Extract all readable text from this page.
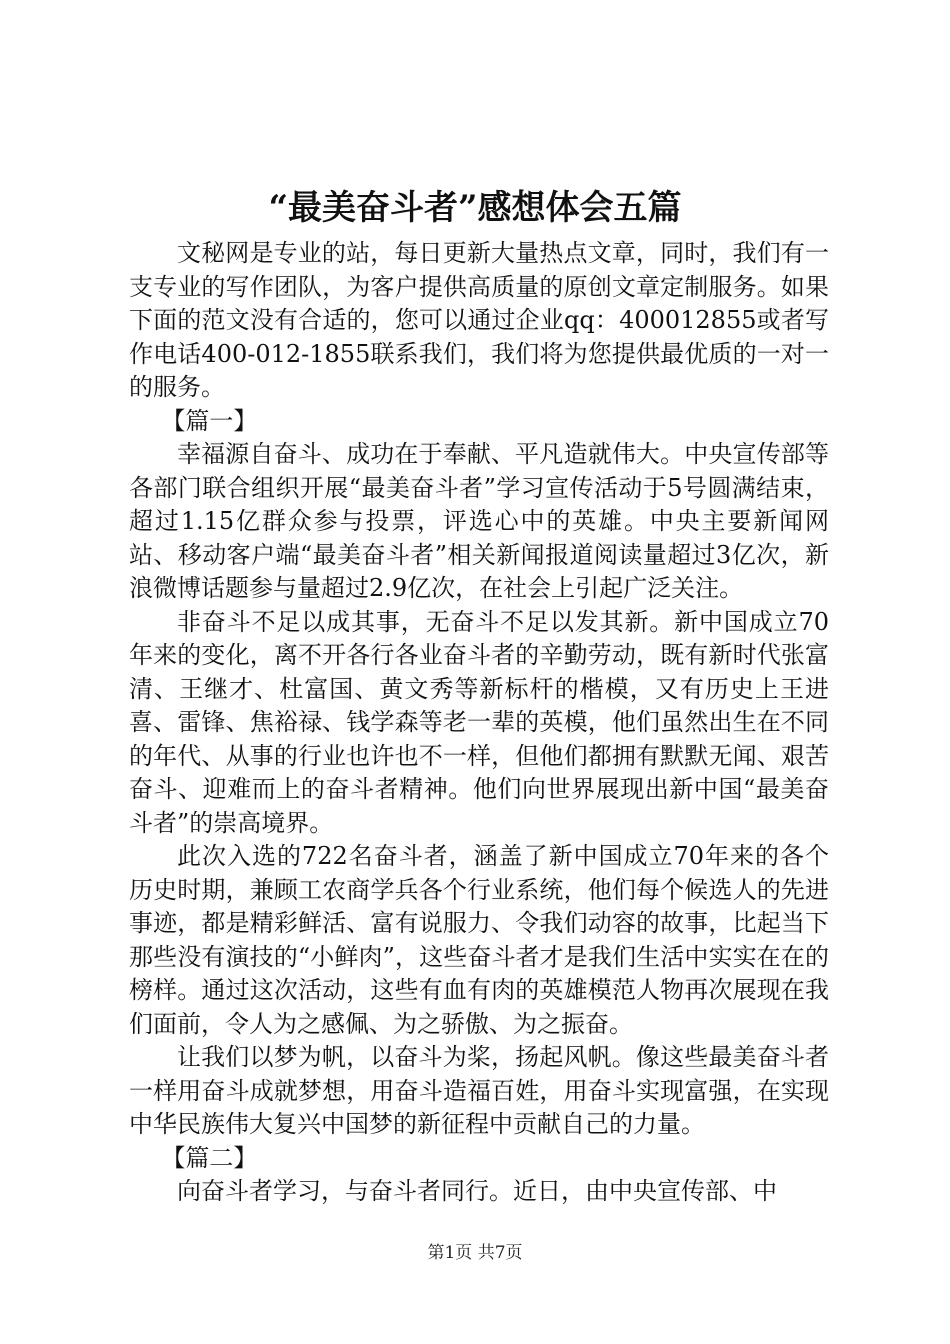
“最美奋斗者”感想体会五篇

文秘网是专业的站，每日更新大量热点文章，同时，我们有一支专业的写作团队，为客户提供高质量的原创文章定制服务。如果下面的范文没有合适的，您可以通过企业qq：400012855或者写作电话400-012-1855联系我们，我们将为您提供最优质的一对一的服务。

【篇一】

幸福源自奋斗、成功在于奉献、平凡造就伟大。中央宣传部等各部门联合组织开展“最美奋斗者”学习宣传活动于5号圆满结束，超过1.15亿群众参与投票，评选心中的英雄。中央主要新闻网站、移动客户端“最美奋斗者”相关新闻报道阅读量超过3亿次，新浪微博话题参与量超过2.9亿次，在社会上引起广泛关注。

非奋斗不足以成其事，无奋斗不足以发其新。新中国成立70年来的变化，离不开各行各业奋斗者的辛勤劳动，既有新时代张富清、王继才、杜富国、黄文秀等新标杆的楷模，又有历史上王进喜、雷锋、焦裕禄、钱学森等老一辈的英模，他们虽然出生在不同的年代、从事的行业也许也不一样，但他们都拥有默默无闻、艰苦奋斗、迎难而上的奋斗者精神。他们向世界展现出新中国“最美奋斗者”的崇高境界。

此次入选的722名奋斗者，涵盖了新中国成立70年来的各个历史时期，兼顾工农商学兵各个行业系统，他们每个候选人的先进事迹，都是精彩鲜活、富有说服力、令我们动容的故事，比起当下那些没有演技的“小鲜肉”，这些奋斗者才是我们生活中实实在在的榜样。通过这次活动，这些有血有肉的英雄模范人物再次展现在我们面前，令人为之感佩、为之骄傲、为之振奋。

让我们以梦为帆，以奋斗为桨，扬起风帆。像这些最美奋斗者一样用奋斗成就梦想，用奋斗造福百姓，用奋斗实现富强，在实现中华民族伟大复兴中国梦的新征程中贡献自己的力量。

【篇二】

向奋斗者学习，与奋斗者同行。近日，由中央宣传部、中

第1页 共7页
